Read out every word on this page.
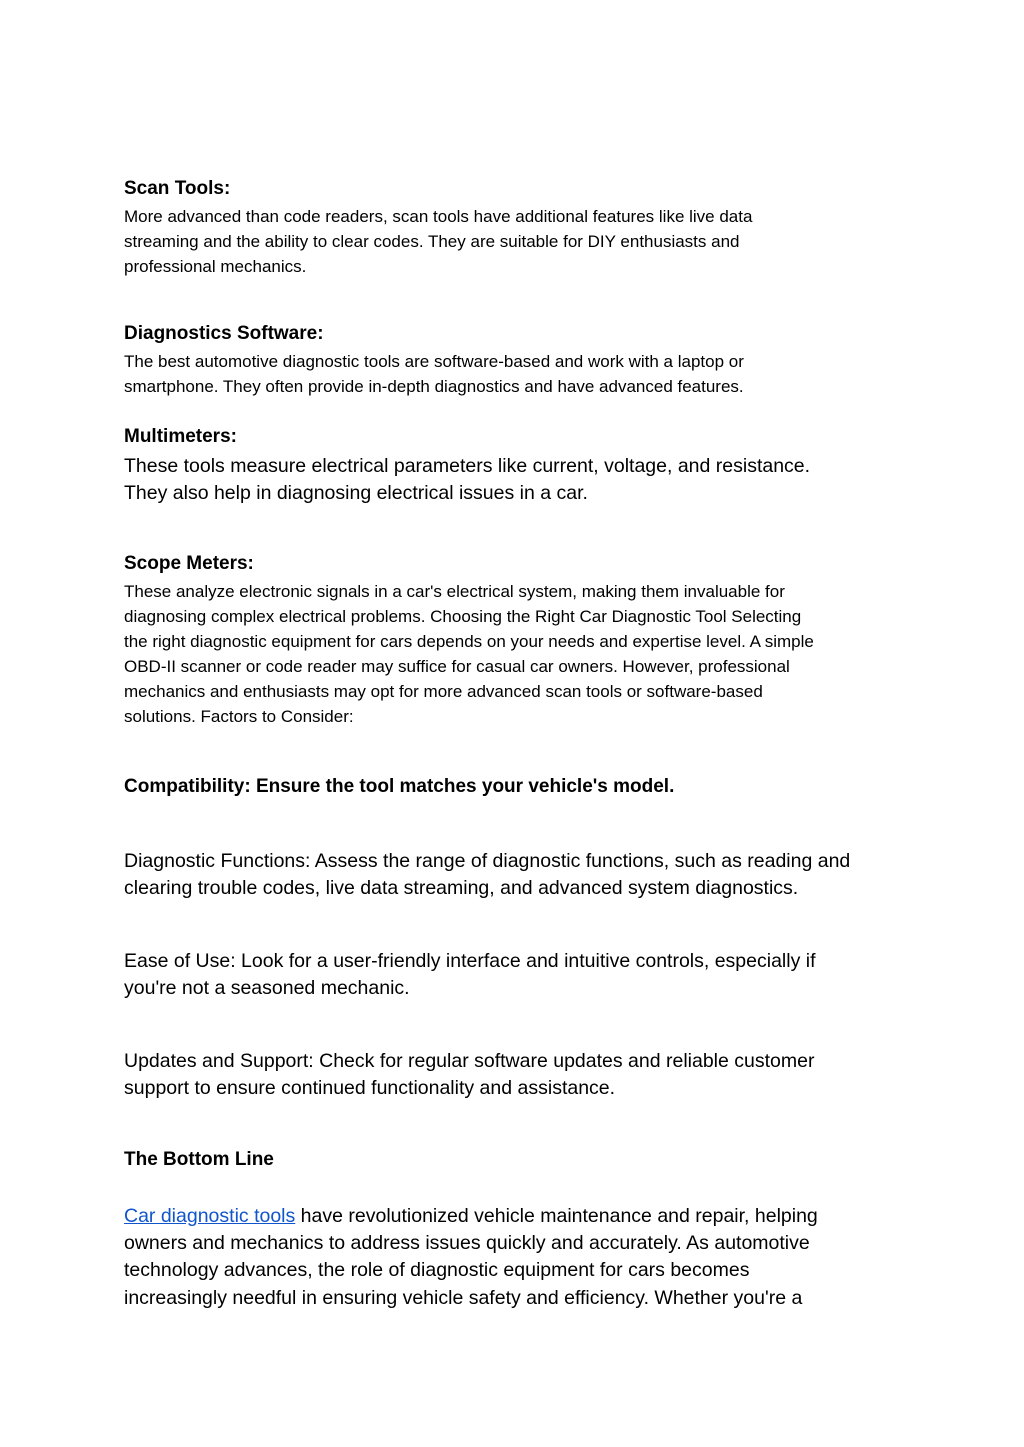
Scan Tools:

More advanced than code readers, scan tools have additional features like live data

streaming and the ability to clear codes. They are suitable for DIY enthusiasts and

professional mechanics.

Diagnostics Software:

The best automotive diagnostic tools are software-based and work with a laptop or

smartphone. They often provide in-depth diagnostics and have advanced features.

Multimeters:

These tools measure electrical parameters like current, voltage, and resistance.

They also help in diagnosing electrical issues in a car.

Scope Meters:

These analyze electronic signals in a car's electrical system, making them invaluable for

diagnosing complex electrical problems. Choosing the Right Car Diagnostic Tool Selecting

the right diagnostic equipment for cars depends on your needs and expertise level. A simple

OBD-II scanner or code reader may suffice for casual car owners. However, professional

mechanics and enthusiasts may opt for more advanced scan tools or software-based

solutions. Factors to Consider:

Compatibility: Ensure the tool matches your vehicle's model.

Diagnostic Functions: Assess the range of diagnostic functions, such as reading and

clearing trouble codes, live data streaming, and advanced system diagnostics.

Ease of Use: Look for a user-friendly interface and intuitive controls, especially if

you're not a seasoned mechanic.

Updates and Support: Check for regular software updates and reliable customer

support to ensure continued functionality and assistance.

The Bottom Line

Car diagnostic tools have revolutionized vehicle maintenance and repair, helping

owners and mechanics to address issues quickly and accurately. As automotive

technology advances, the role of diagnostic equipment for cars becomes

increasingly needful in ensuring vehicle safety and efficiency. Whether you're a
